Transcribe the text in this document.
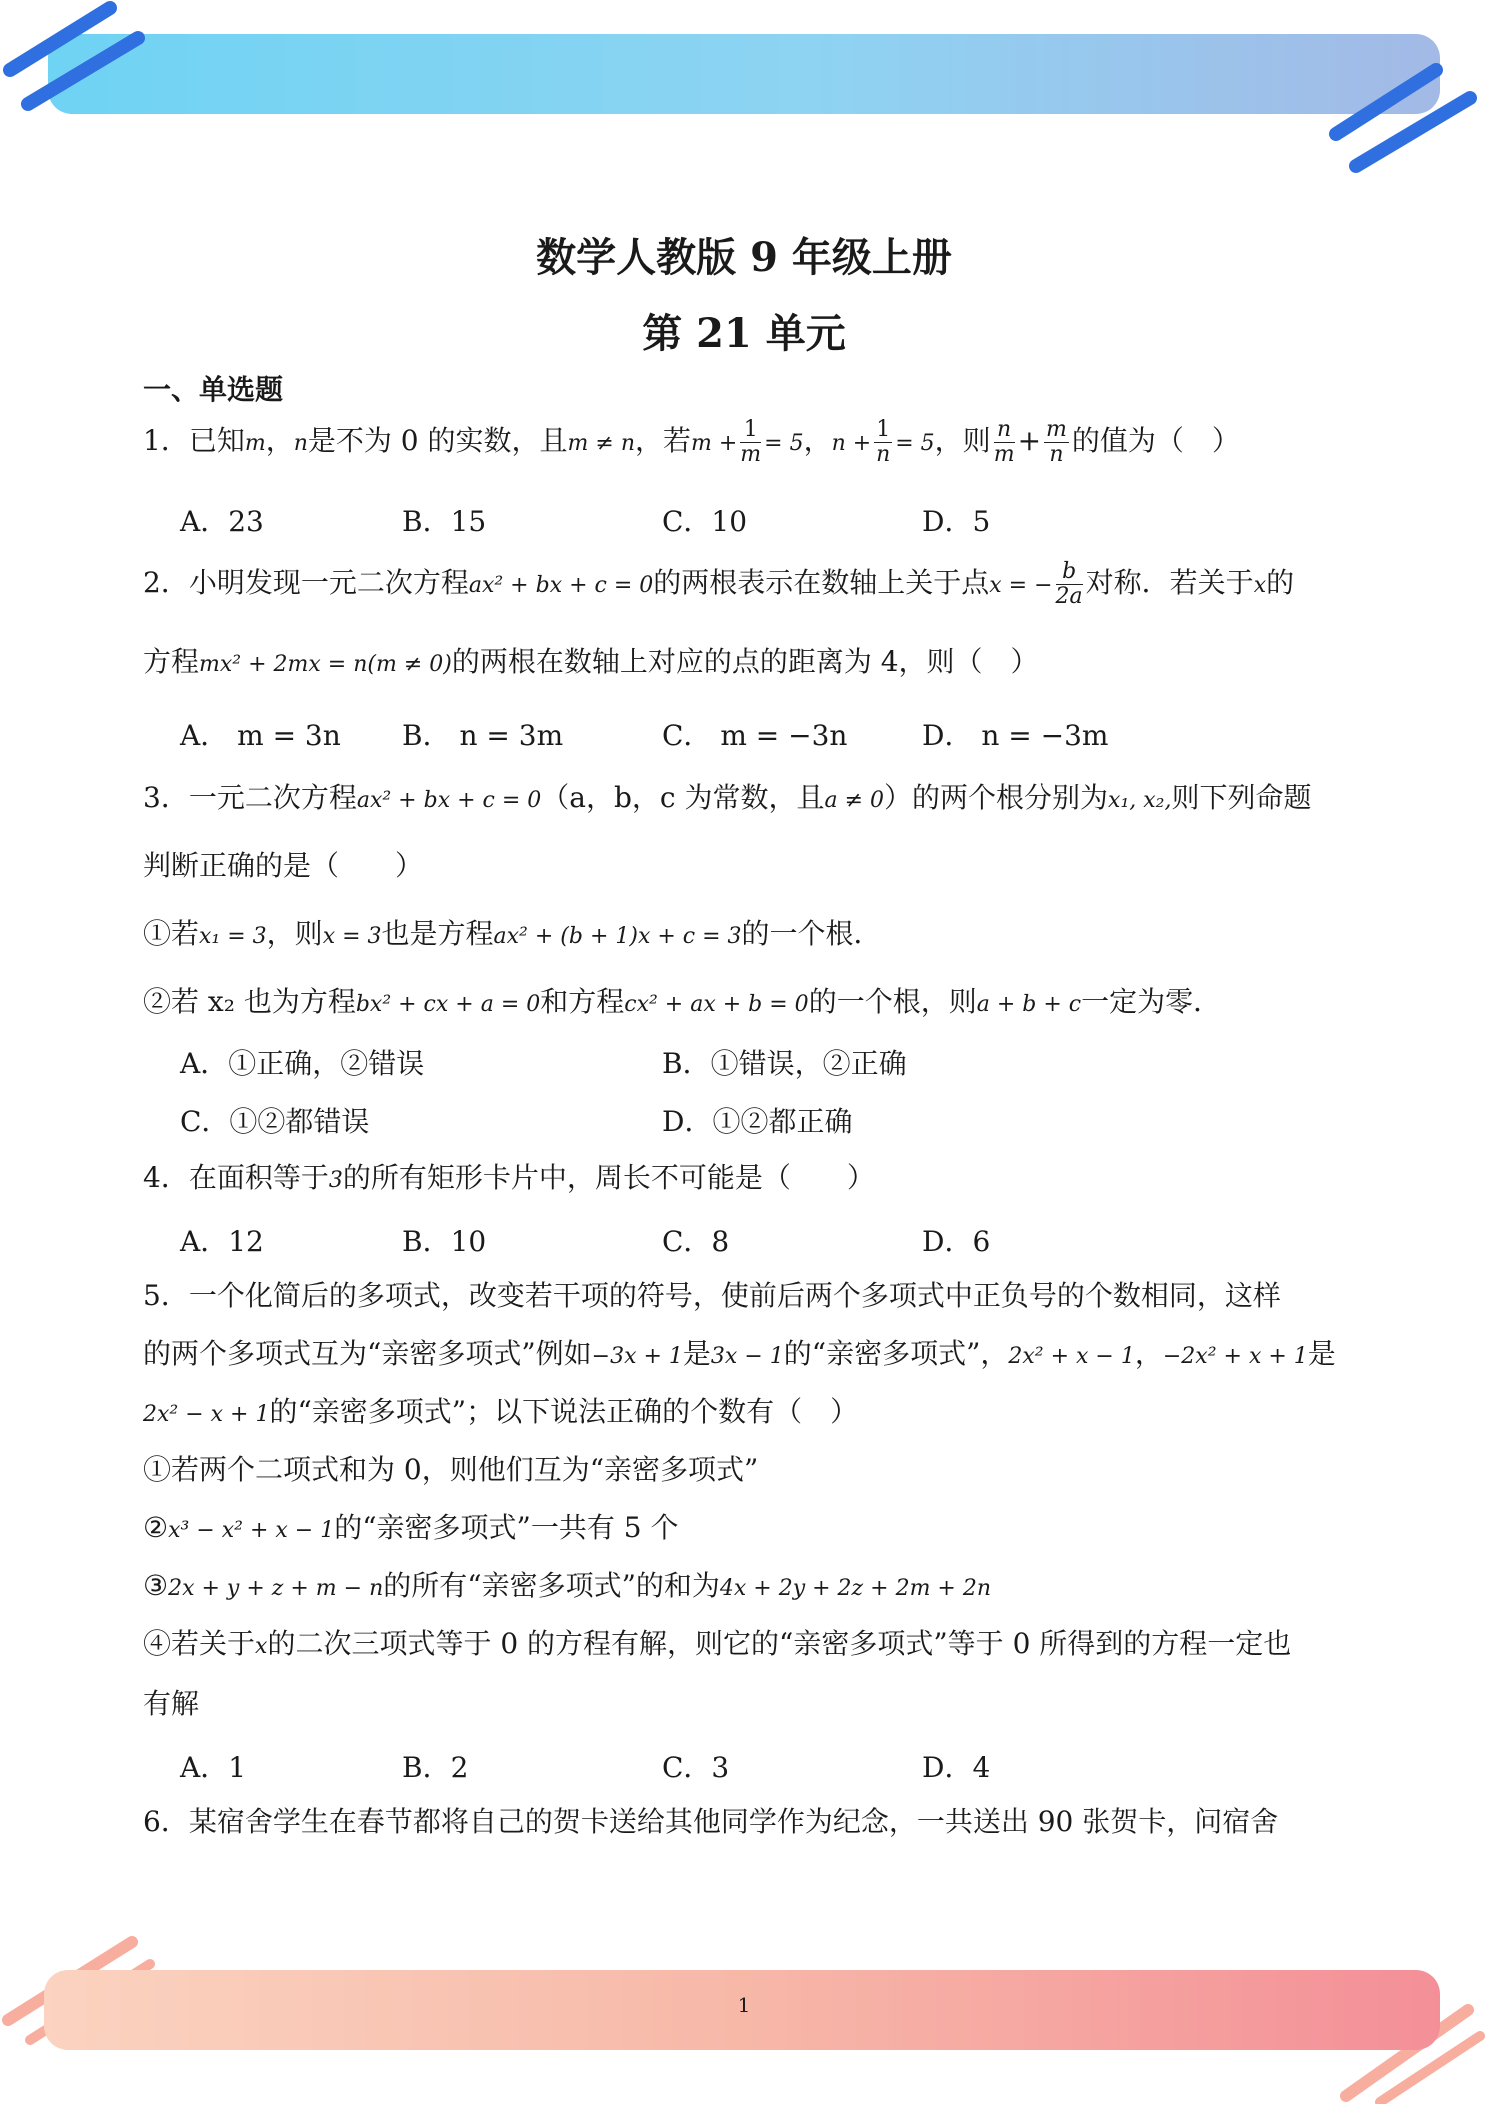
数学人教版 9 年级上册
第 21 单元
一、单选题
1．已知m，n是不为 0 的实数，且m ≠ n，若$m + \frac{1}{m} = 5$，$n + \frac{1}{n} = 5$，则 $\frac{n}{m} + \frac{m}{n}$ 的值为（　）
A．23	B．15	C．10	D．5
2．小明发现一元二次方程ax² + bx + c = 0的两根表示在数轴上关于点x = − $\frac{b}{2a}$ 对称．若关于x的
方程mx² + 2mx = n(m ≠ 0)的两根在数轴上对应的点的距离为 4，则（　）
A． m = 3n B． n = 3m	C． m = −3n	D． n = −3m
3．一元二次方程ax² + bx + c = 0（a，b，c 为常数，且a ≠ 0）的两个根分别为x₁, x₂,则下列命题
判断正确的是（　　）
①若x₁ = 3，则x = 3也是方程ax² + (b + 1)x + c = 3的一个根．
②若 x₂ 也为方程bx² + cx + a = 0和方程cx² + ax + b = 0的一个根，则a + b + c一定为零．
A．①正确，②错误	B．①错误，②正确
C．①②都错误	D．①②都正确
4．在面积等于3的所有矩形卡片中，周长不可能是（　　）
A．12	B．10	C．8	D．6
5．一个化简后的多项式，改变若干项的符号，使前后两个多项式中正负号的个数相同，这样
的两个多项式互为“亲密多项式”例如−3x + 1是3x − 1的“亲密多项式”，2x² + x − 1，−2x² + x + 1是
2x² − x + 1的“亲密多项式”；以下说法正确的个数有（　）
①若两个二项式和为 0，则他们互为“亲密多项式”
②x³ − x² + x − 1的“亲密多项式”一共有 5 个
③2x + y + z + m − n的所有“亲密多项式”的和为4x + 2y + 2z + 2m + 2n
④若关于x的二次三项式等于 0 的方程有解，则它的“亲密多项式”等于 0 所得到的方程一定也
有解
A．1	B．2	C．3	D．4
6．某宿舍学生在春节都将自己的贺卡送给其他同学作为纪念，一共送出 90 张贺卡，问宿舍
1
